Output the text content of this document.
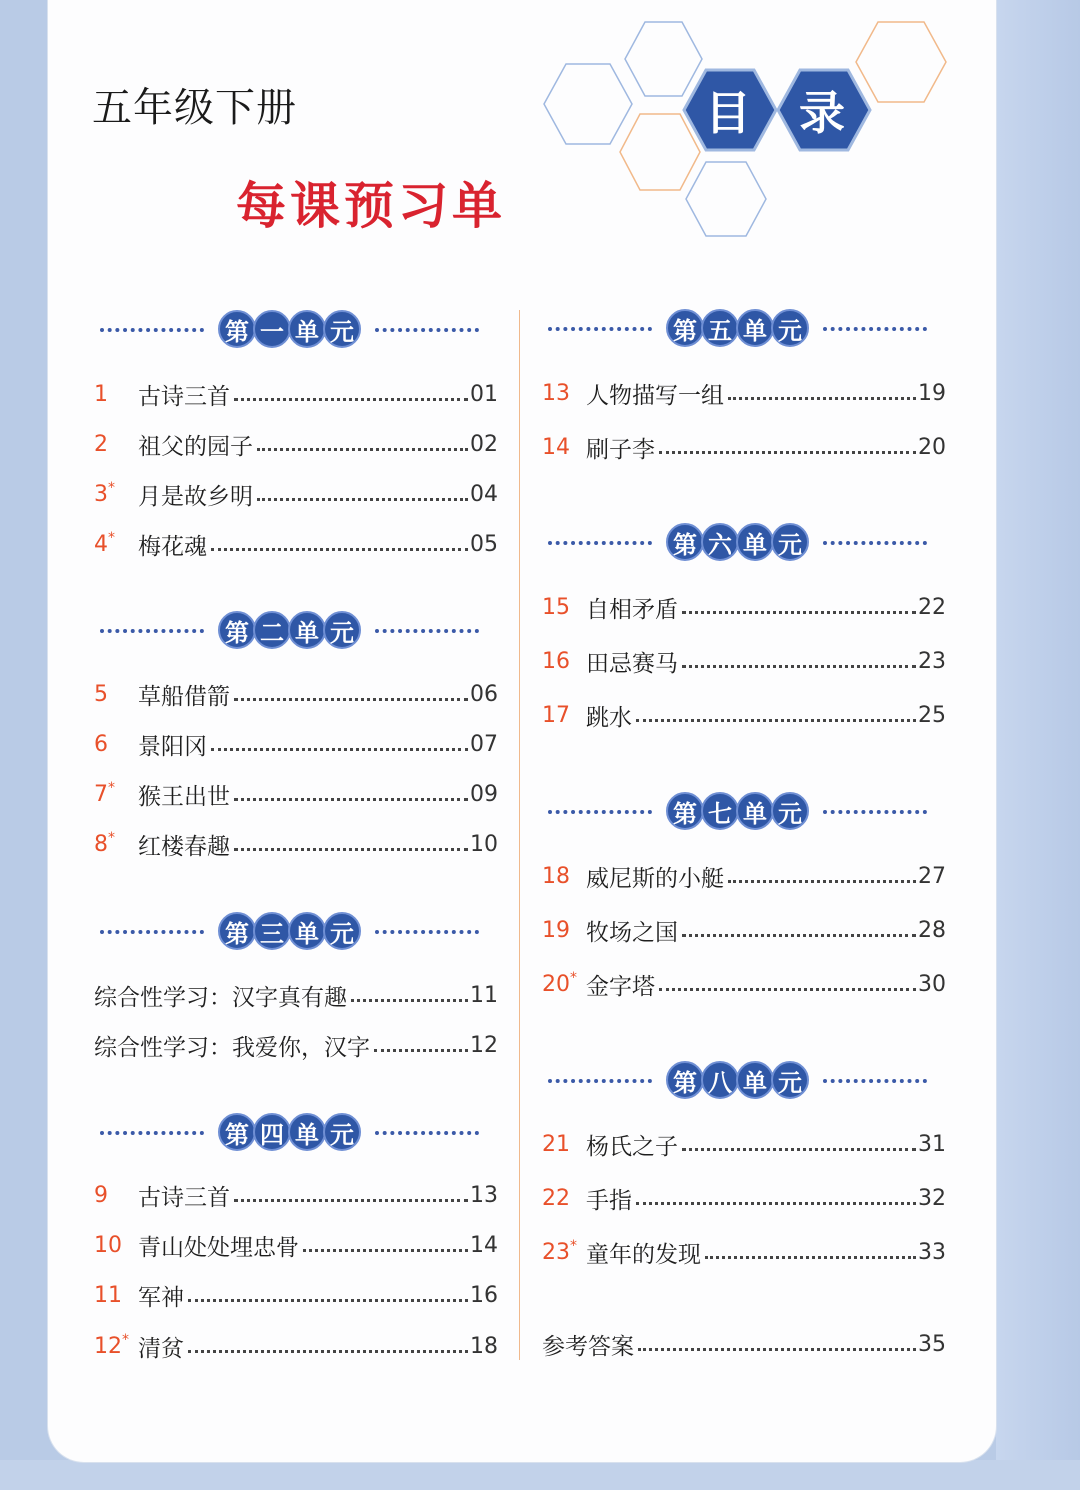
五年级下册
每课预习单
目	录
第 一 单 元
1	古诗三首	01
2	祖父的园子	02
3*	月是故乡明	04
4*	梅花魂	05
第 二 单 元
5	草船借箭	06
6	景阳冈	07
7*	猴王出世	09
8*	红楼春趣	10
第 三 单 元
综合性学习：汉字真有趣	11
综合性学习：我爱你，汉字	12
第 四 单 元
9	古诗三首	13
10 青山处处埋忠骨	14
11 军神	16
12* 清贫	18
第 五 单 元
13 人物描写一组	19
14 刷子李	20
第 六 单 元
15 自相矛盾	22
16 田忌赛马	23
17 跳水	25
第 七 单 元
18 威尼斯的小艇	27
19 牧场之国	28
20* 金字塔	30
第 八 单 元
21 杨氏之子	31
22 手指	32
23* 童年的发现	33
参考答案	35
